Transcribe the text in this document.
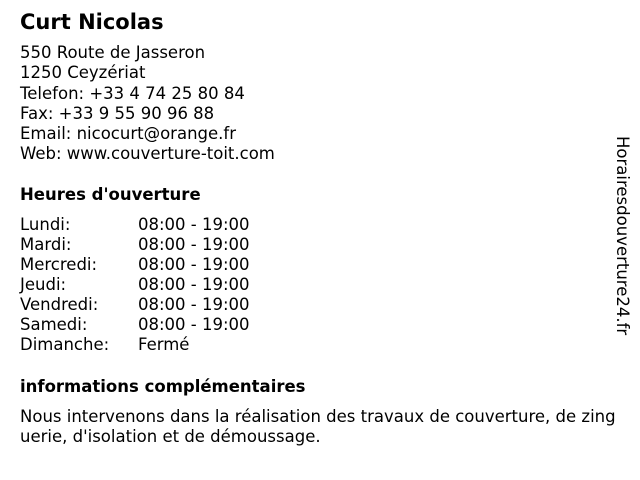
Curt Nicolas
550 Route de Jasseron
1250 Ceyzériat
Telefon: +33 4 74 25 80 84
Fax: +33 9 55 90 96 88
Email: nicocurt@orange.fr
Web: www.couverture-toit.com
Heures d'ouverture
Lundi:	08:00 - 19:00
Mardi:	08:00 - 19:00
Mercredi:	08:00 - 19:00
Jeudi:	08:00 - 19:00
Vendredi:	08:00 - 19:00
Samedi:	08:00 - 19:00
Dimanche:	Fermé
informations complémentaires
Nous intervenons dans la réalisation des travaux de couverture, de zinguerie, d'isolation et de démoussage.
Horairesdouverture24.fr
